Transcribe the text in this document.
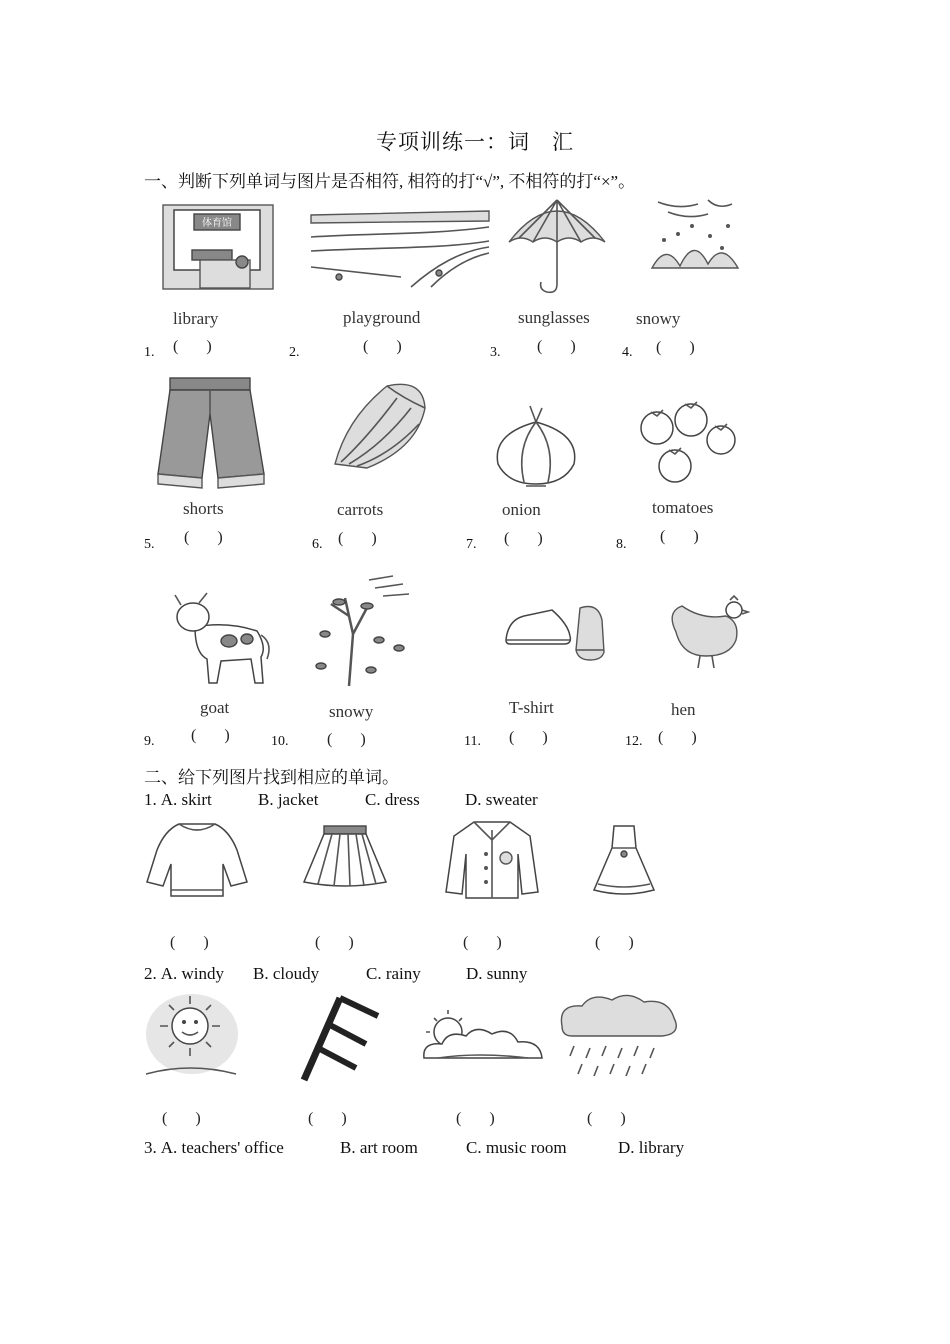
专项训练一：词　汇
一、判断下列单词与图片是否相符, 相符的打“√”, 不相符的打“×”。
体育馆
library	playground	sunglasses	snowy
1. ( )	2.	( )	3. ( )	4. ( )
shorts	carrots	onion	tomatoes
5. ( )	6. ( )	7. ( )	8. ( )
goat	snowy	T-shirt	hen
9. ( )	10. ( )	11. ( )	12. ( )
二、给下列图片找到相应的单词。
1. A. skirt	B. jacket	C. dress	D. sweater
( )	( )	( )	( )
2. A. windy B. cloudy	C. rainy	D. sunny
( )	( )	( )	( )
3. A. teachers' office	B. art room	C. music room	D. library
